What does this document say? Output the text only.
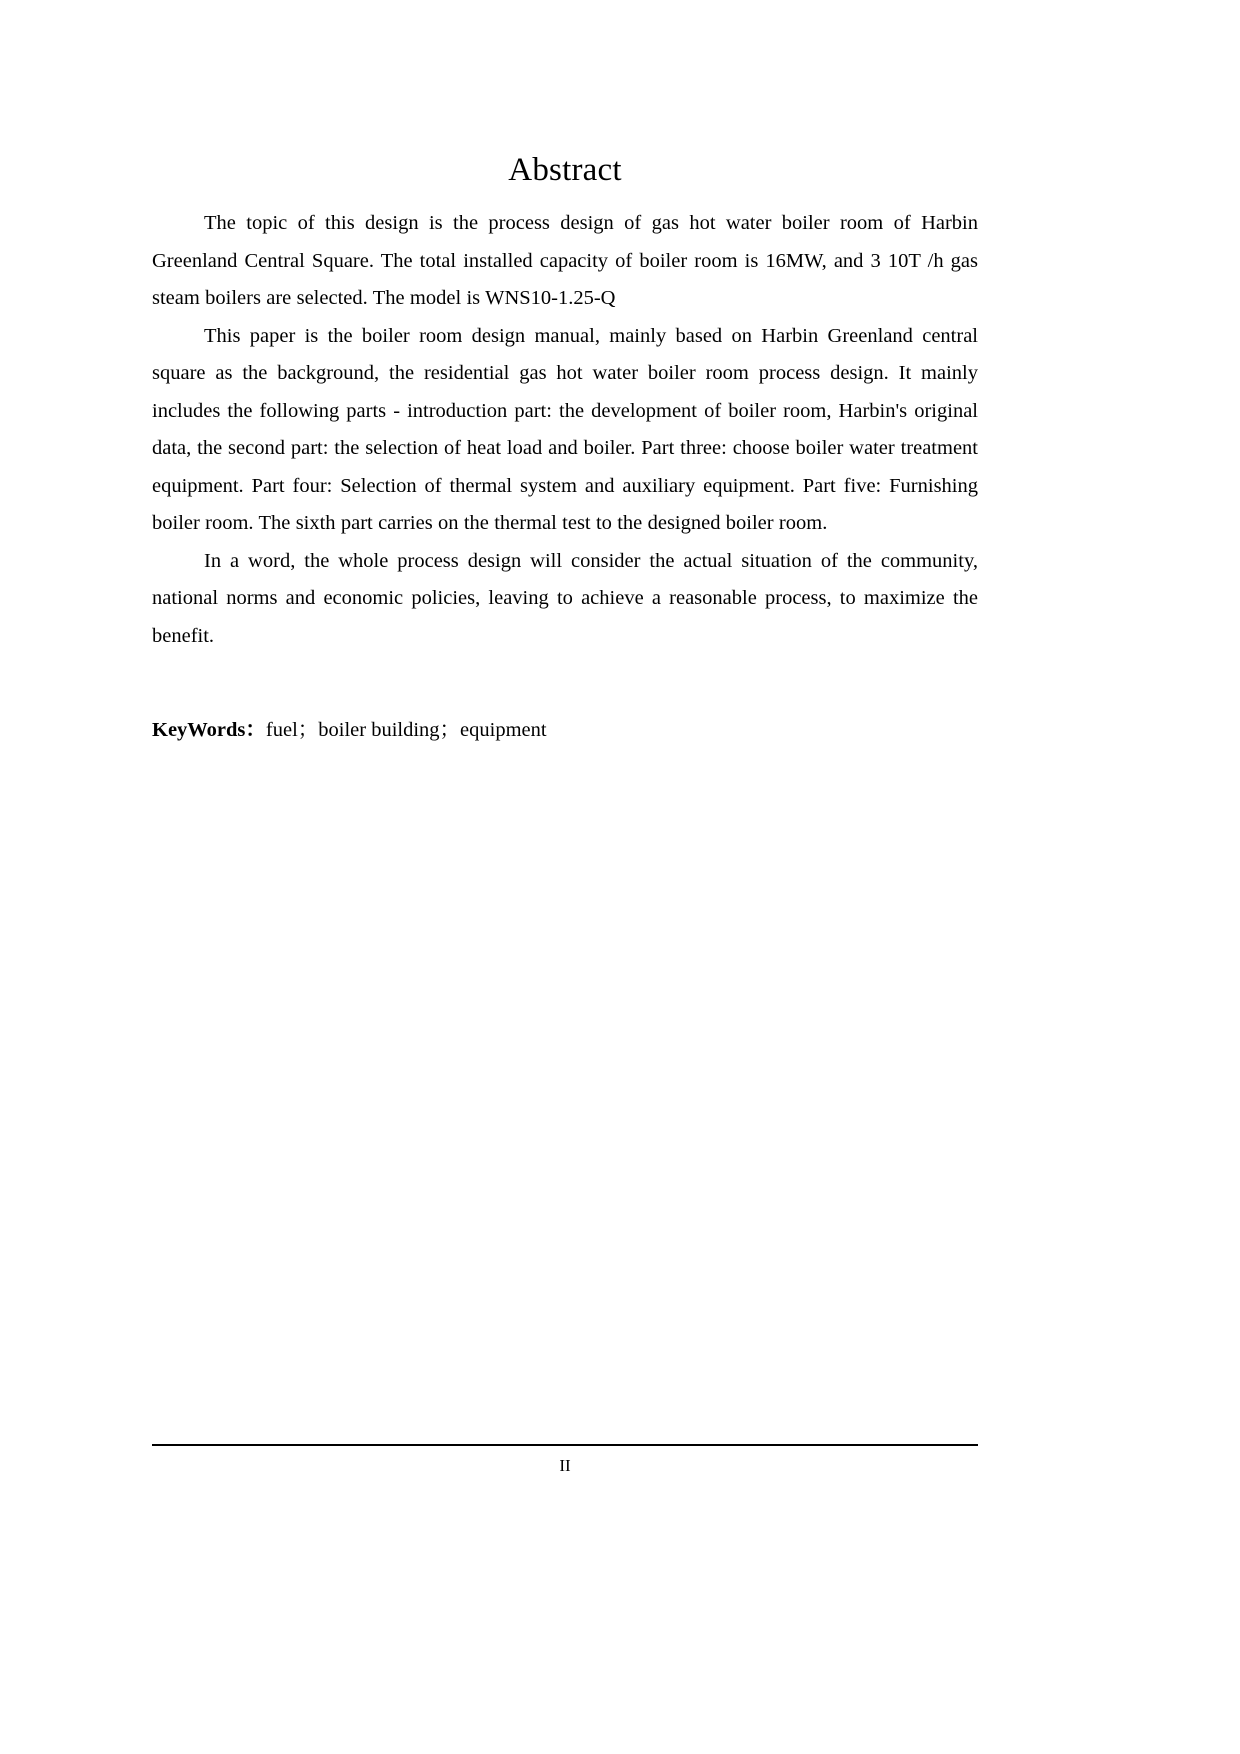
Abstract

The topic of this design is the process design of gas hot water boiler room of Harbin Greenland Central Square. The total installed capacity of boiler room is 16MW, and 3 10T /h gas steam boilers are selected. The model is WNS10-1.25-Q

This paper is the boiler room design manual, mainly based on Harbin Greenland central square as the background, the residential gas hot water boiler room process design. It mainly includes the following parts - introduction part: the development of boiler room, Harbin's original data, the second part: the selection of heat load and boiler. Part three: choose boiler water treatment equipment. Part four: Selection of thermal system and auxiliary equipment. Part five: Furnishing boiler room. The sixth part carries on the thermal test to the designed boiler room.

In a word, the whole process design will consider the actual situation of the community, national norms and economic policies, leaving to achieve a reasonable process, to maximize the benefit.

KeyWords：fuel；boiler building；equipment
II
